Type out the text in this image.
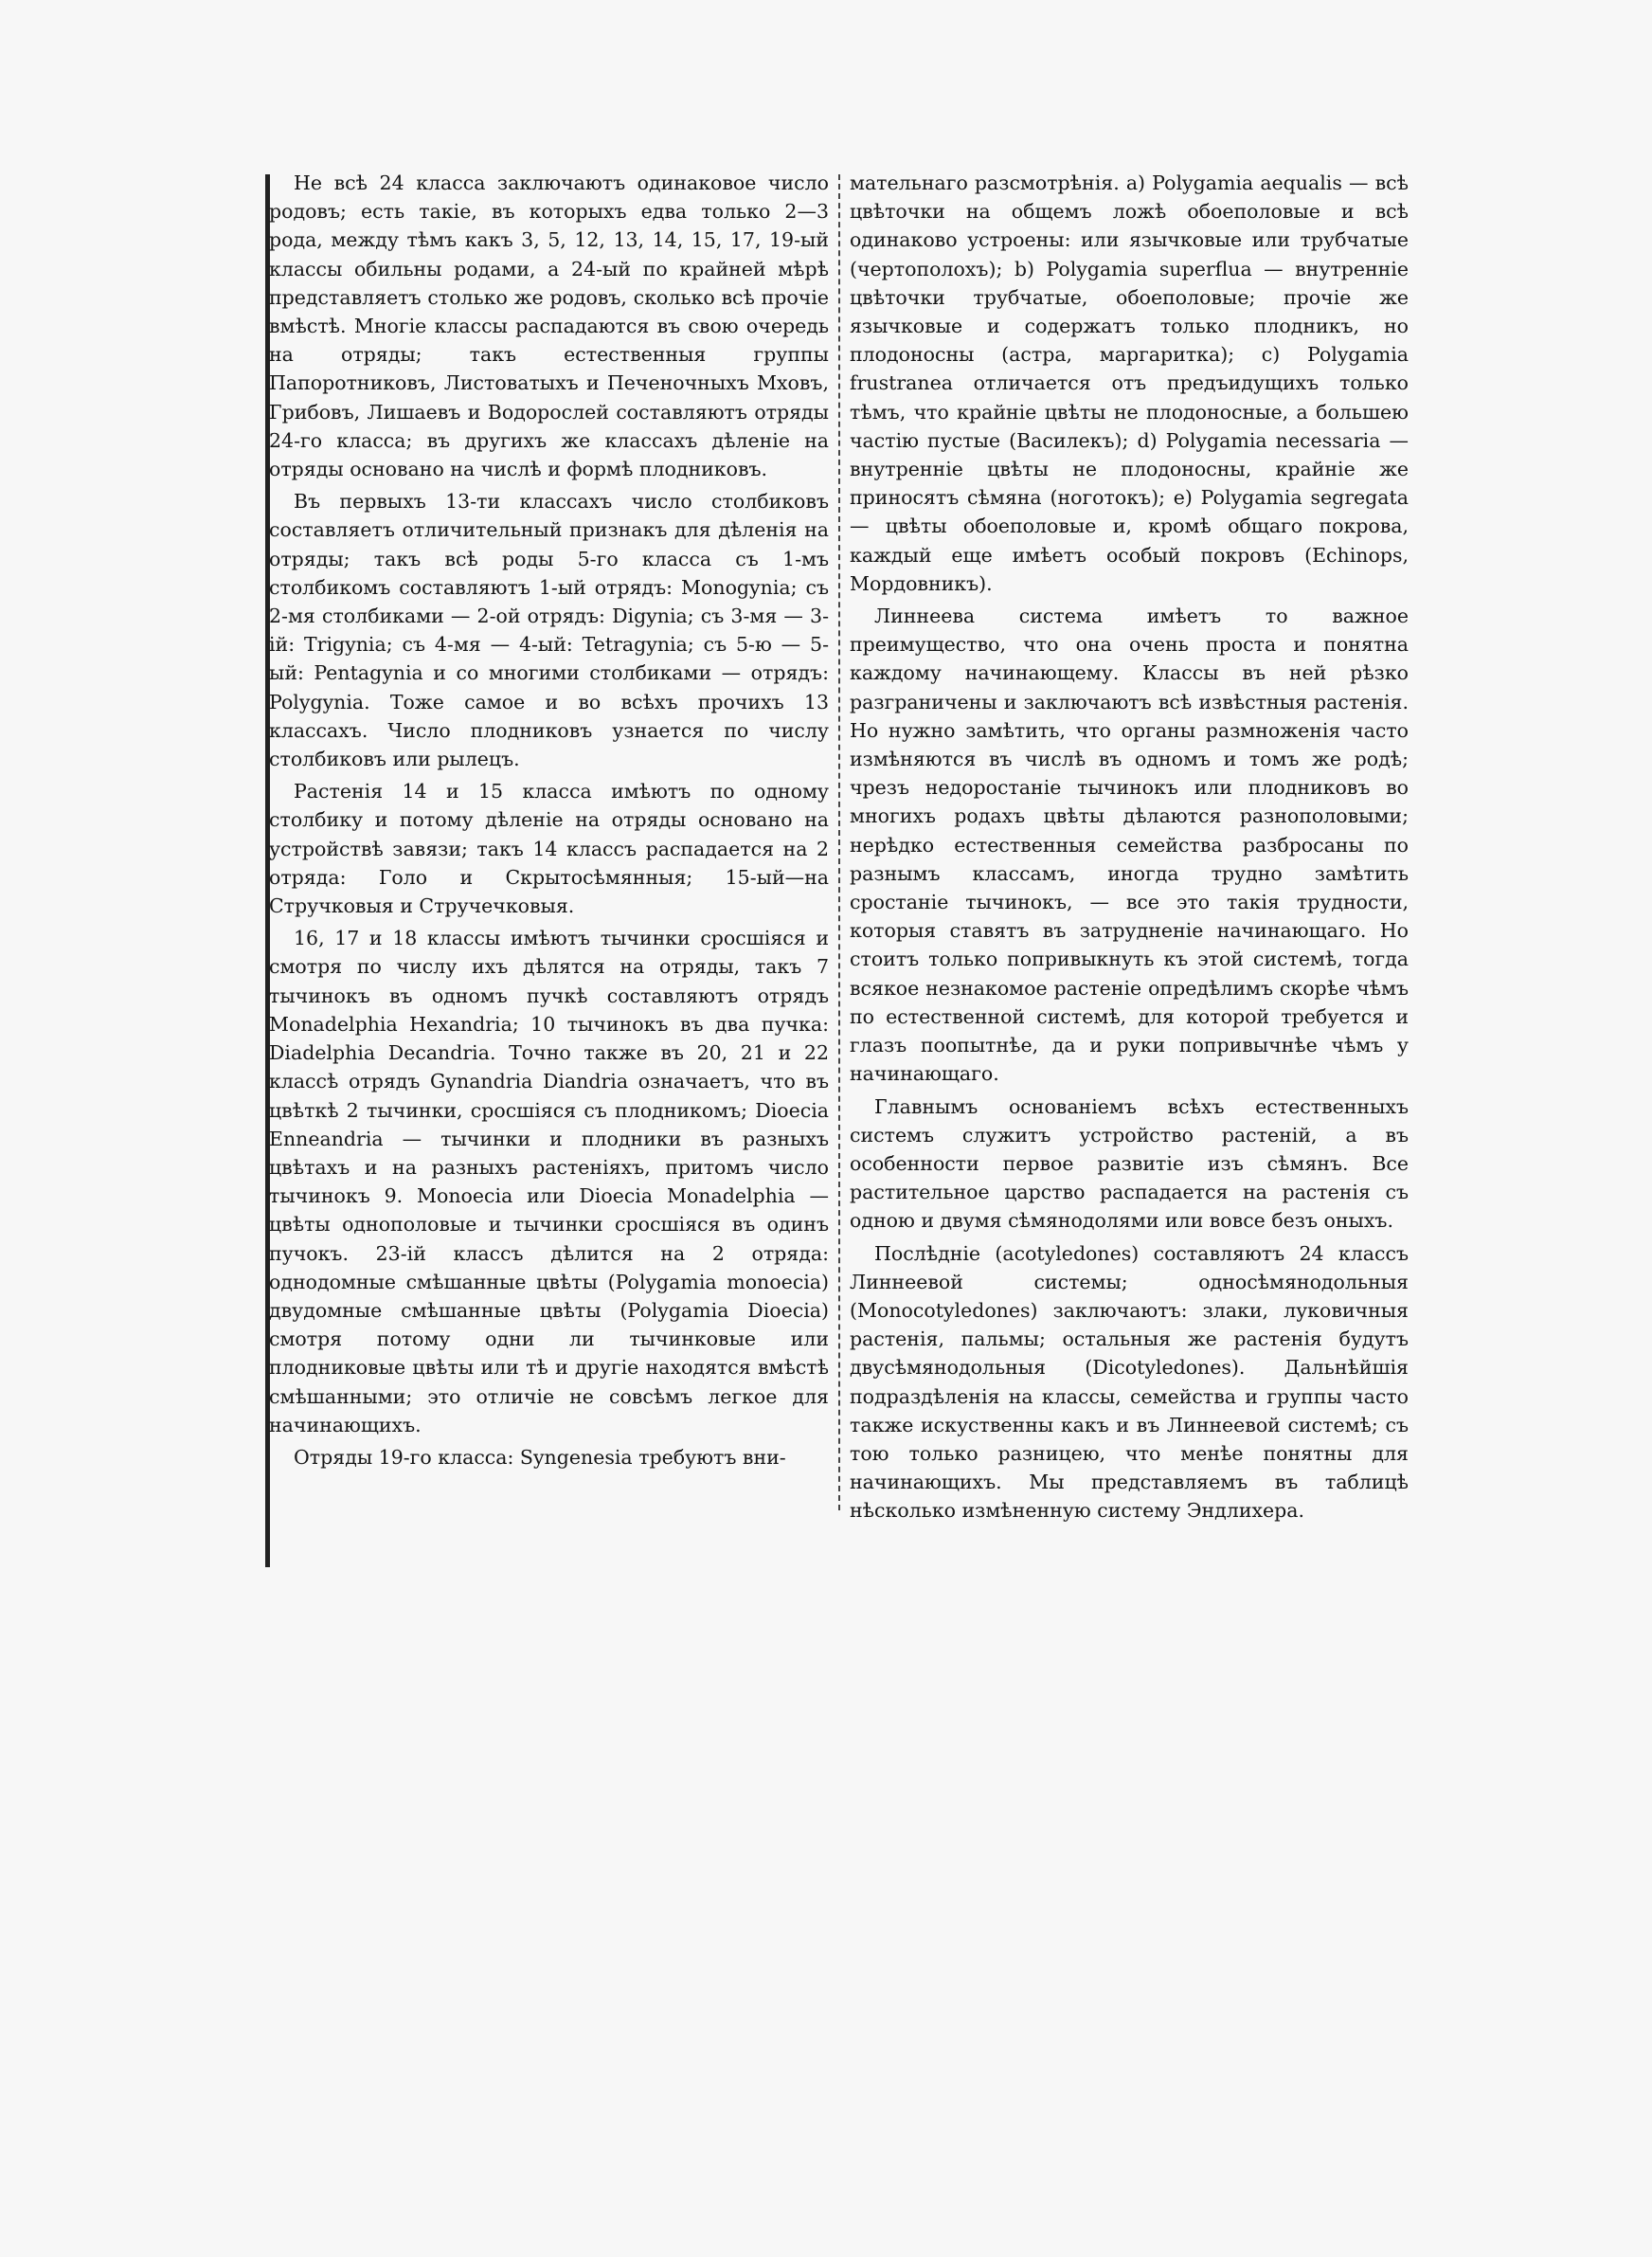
Не всѣ 24 класса заключаютъ одинаковое число родовъ; есть такіе, въ которыхъ едва только 2—3 рода, между тѣмъ какъ 3, 5, 12, 13, 14, 15, 17, 19-ый классы обильны родами, а 24-ый по крайней мѣрѣ представляетъ столько же родовъ, сколько всѣ прочіе вмѣстѣ. Многіе классы распадаются въ свою очередь на отряды; такъ естественныя группы Папоротниковъ, Листоватыхъ и Печеночныхъ Мховъ, Грибовъ, Лишаевъ и Водорослей составляютъ отряды 24-го класса; въ другихъ же классахъ дѣленіе на отряды основано на числѣ и формѣ плодниковъ.

Въ первыхъ 13-ти классахъ число столбиковъ составляетъ отличительный признакъ для дѣленія на отряды; такъ всѣ роды 5-го класса съ 1-мъ столбикомъ составляютъ 1-ый отрядъ: Monogynia; съ 2-мя столбиками — 2-ой отрядъ: Digynia; съ 3-мя — 3-ій: Trigynia; съ 4-мя — 4-ый: Tetragynia; съ 5-ю — 5-ый: Pentagynia и со многими столбиками — отрядъ: Polygynia. Тоже самое и во всѣхъ прочихъ 13 классахъ. Число плодниковъ узнается по числу столбиковъ или рылецъ.

Растенія 14 и 15 класса имѣютъ по одному столбику и потому дѣленіе на отряды основано на устройствѣ завязи; такъ 14 классъ распадается на 2 отряда: Голо и Скрытосѣмянныя; 15-ый—на Стручковыя и Стручечковыя.

16, 17 и 18 классы имѣютъ тычинки сросшіяся и смотря по числу ихъ дѣлятся на отряды, такъ 7 тычинокъ въ одномъ пучкѣ составляютъ отрядъ Monadelphia Hexandria; 10 тычинокъ въ два пучка: Diadelphia Decandria. Точно также въ 20, 21 и 22 классѣ отрядъ Gynandria Diandria означаетъ, что въ цвѣткѣ 2 тычинки, сросшіяся съ плодникомъ; Dioecia Enneandria — тычинки и плодники въ разныхъ цвѣтахъ и на разныхъ растеніяхъ, притомъ число тычинокъ 9. Monoecia или Dioecia Monadelphia — цвѣты однополовые и тычинки сросшіяся въ одинъ пучокъ. 23-ій классъ дѣлится на 2 отряда: однодомные смѣшанные цвѣты (Polygamia monoecia) двудомные смѣшанные цвѣты (Polygamia Dioecia) смотря потому одни ли тычинковые или плодниковые цвѣты или тѣ и другіе находятся вмѣстѣ смѣшанными; это отличіе не совсѣмъ легкое для начинающихъ.

Отряды 19-го класса: Syngenesia требуютъ вни-

мательнаго разсмотрѣнія. a) Polygamia aequalis — всѣ цвѣточки на общемъ ложѣ обоеполовые и всѣ одинаково устроены: или язычковые или трубчатые (чертополохъ); b) Polygamia superflua — внутренніе цвѣточки трубчатые, обоеполовые; прочіе же язычковые и содержатъ только плодникъ, но плодоносны (астра, маргаритка); c) Polygamia frustranea отличается отъ предъидущихъ только тѣмъ, что крайніе цвѣты не плодоносные, а большею частію пустые (Василекъ); d) Polygamia necessaria — внутренніе цвѣты не плодоносны, крайніе же приносятъ сѣмяна (ноготокъ); e) Polygamia segregata — цвѣты обоеполовые и, кромѣ общаго покрова, каждый еще имѣетъ особый покровъ (Echinops, Мордовникъ).

Линнеева система имѣетъ то важное преимущество, что она очень проста и понятна каждому начинающему. Классы въ ней рѣзко разграничены и заключаютъ всѣ извѣстныя растенія. Но нужно замѣтить, что органы размноженія часто измѣняются въ числѣ въ одномъ и томъ же родѣ; чрезъ недоростаніе тычинокъ или плодниковъ во многихъ родахъ цвѣты дѣлаются разнополовыми; нерѣдко естественныя семейства разбросаны по разнымъ классамъ, иногда трудно замѣтить сростаніе тычинокъ, — все это такія трудности, которыя ставятъ въ затрудненіе начинающаго. Но стоитъ только попривыкнуть къ этой системѣ, тогда всякое незнакомое растеніе опредѣлимъ скорѣе чѣмъ по естественной системѣ, для которой требуется и глазъ поопытнѣе, да и руки попривычнѣе чѣмъ у начинающаго.

Главнымъ основаніемъ всѣхъ естественныхъ системъ служитъ устройство растеній, а въ особенности первое развитіе изъ сѣмянъ. Все растительное царство распадается на растенія съ одною и двумя сѣмянодолями или вовсе безъ оныхъ.

Послѣдніе (acotyledones) составляютъ 24 классъ Линнеевой системы; односѣмянодольныя (Monocotyledones) заключаютъ: злаки, луковичныя растенія, пальмы; остальныя же растенія будутъ двусѣмянодольныя (Dicotyledones). Дальнѣйшія подраздѣленія на классы, семейства и группы часто также искуственны какъ и въ Линнеевой системѣ; съ тою только разницею, что менѣе понятны для начинающихъ. Мы представляемъ въ таблицѣ нѣсколько измѣненную систему Эндлихера.
